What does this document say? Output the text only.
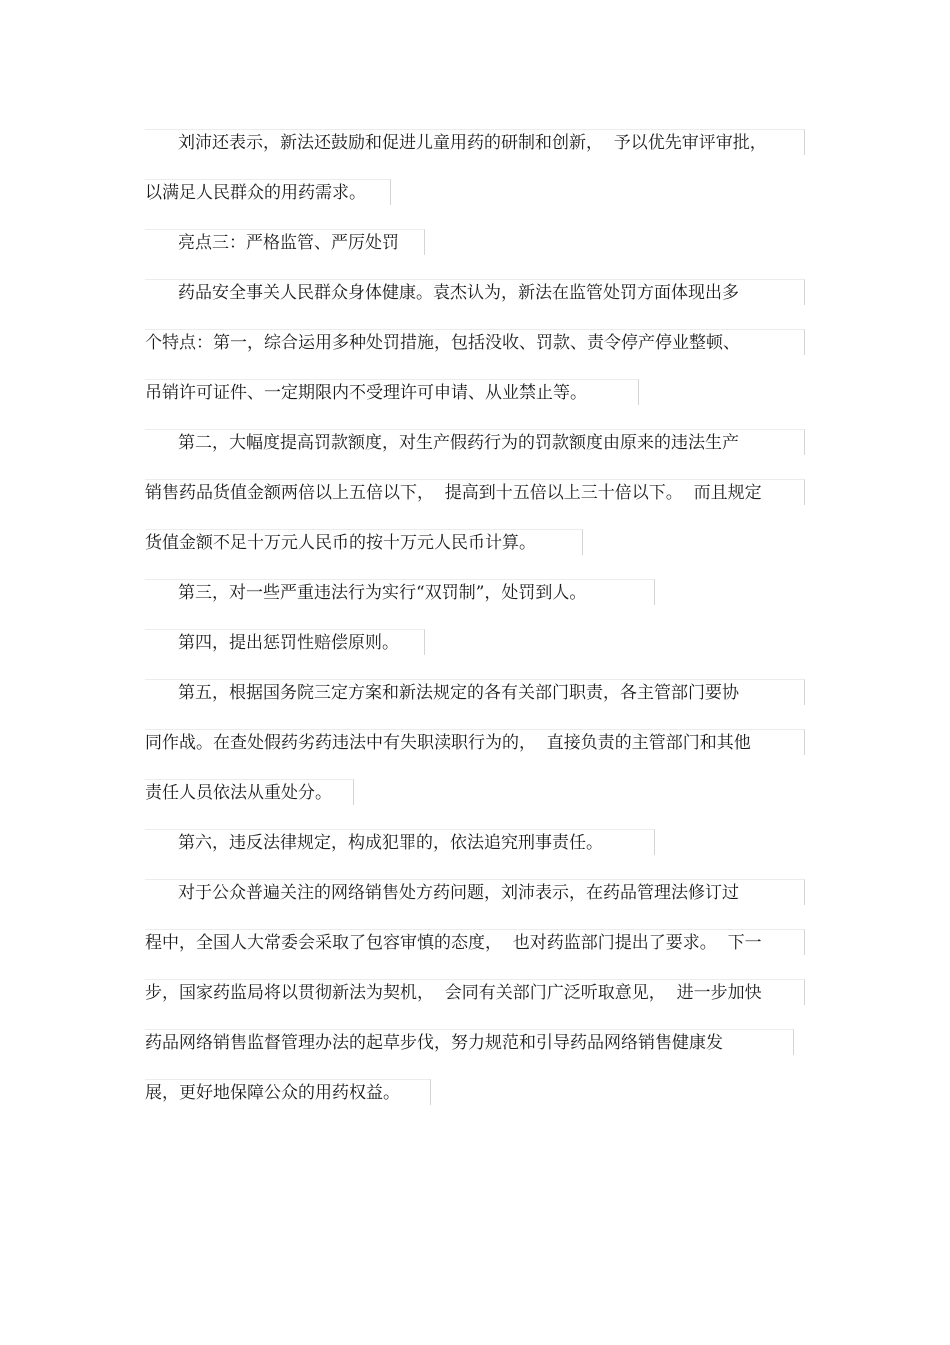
刘沛还表示，新法还鼓励和促进儿童用药的研制和创新，  予以优先审评审批，
以满足人民群众的用药需求。
亮点三：严格监管、严厉处罚
药品安全事关人民群众身体健康。袁杰认为，新法在监管处罚方面体现出多
个特点：第一，综合运用多种处罚措施，包括没收、罚款、责令停产停业整顿、
吊销许可证件、一定期限内不受理许可申请、从业禁止等。
第二，大幅度提高罚款额度，对生产假药行为的罚款额度由原来的违法生产
销售药品货值金额两倍以上五倍以下，  提高到十五倍以上三十倍以下。  而且规定
货值金额不足十万元人民币的按十万元人民币计算。
第三，对一些严重违法行为实行“双罚制”，处罚到人。
第四，提出惩罚性赔偿原则。
第五，根据国务院三定方案和新法规定的各有关部门职责，各主管部门要协
同作战。在查处假药劣药违法中有失职渎职行为的，  直接负责的主管部门和其他
责任人员依法从重处分。
第六，违反法律规定，构成犯罪的，依法追究刑事责任。
对于公众普遍关注的网络销售处方药问题，刘沛表示，在药品管理法修订过
程中，全国人大常委会采取了包容审慎的态度，  也对药监部门提出了要求。  下一
步，国家药监局将以贯彻新法为契机，  会同有关部门广泛听取意见，  进一步加快
药品网络销售监督管理办法的起草步伐，努力规范和引导药品网络销售健康发
展，更好地保障公众的用药权益。
